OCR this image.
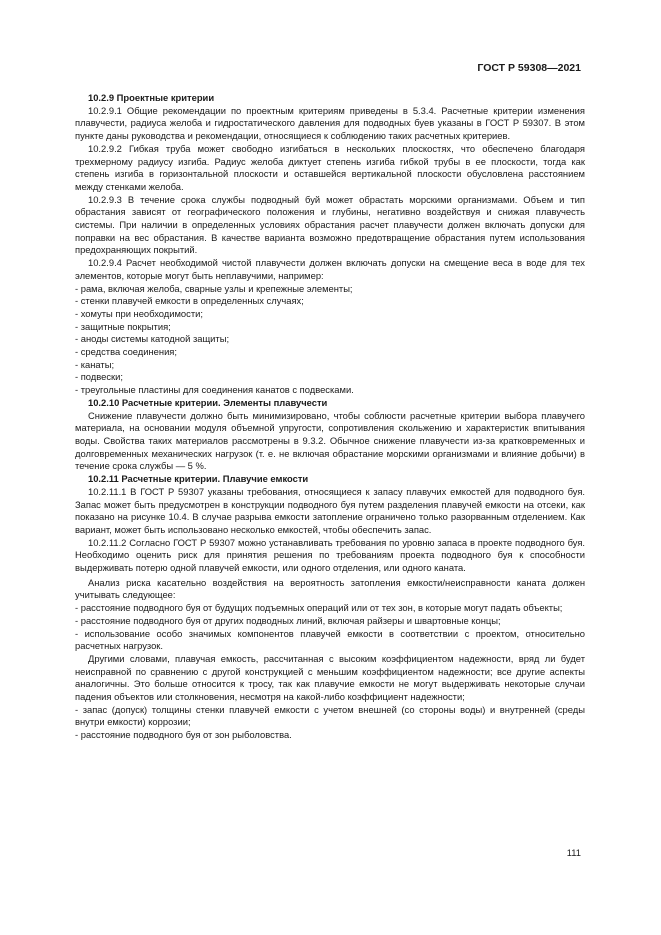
ГОСТ Р 59308—2021

10.2.9 Проектные критерии

10.2.9.1 Общие рекомендации по проектным критериям приведены в 5.3.4. Расчетные критерии изменения плавучести, радиуса желоба и гидростатического давления для подводных буев указаны в ГОСТ Р 59307. В этом пункте даны руководства и рекомендации, относящиеся к соблюдению таких расчетных критериев.

10.2.9.2 Гибкая труба может свободно изгибаться в нескольких плоскостях, что обеспечено благодаря трехмерному радиусу изгиба. Радиус желоба диктует степень изгиба гибкой трубы в ее плоскости, тогда как степень изгиба в горизонтальной плоскости и оставшейся вертикальной плоскости обусловлена расстоянием между стенками желоба.

10.2.9.3 В течение срока службы подводный буй может обрастать морскими организмами. Объем и тип обрастания зависят от географического положения и глубины, негативно воздействуя и снижая плавучесть системы. При наличии в определенных условиях обрастания расчет плавучести должен включать допуски для поправки на вес обрастания. В качестве варианта возможно предотвращение обрастания путем использования предохраняющих покрытий.

10.2.9.4 Расчет необходимой чистой плавучести должен включать допуски на смещение веса в воде для тех элементов, которые могут быть неплавучими, например:

- рама, включая желоба, сварные узлы и крепежные элементы;

- стенки плавучей емкости в определенных случаях;

- хомуты при необходимости;

- защитные покрытия;

- аноды системы катодной защиты;

- средства соединения;

- канаты;

- подвески;

- треугольные пластины для соединения канатов с подвесками.

10.2.10 Расчетные критерии. Элементы плавучести

Снижение плавучести должно быть минимизировано, чтобы соблюсти расчетные критерии выбора плавучего материала, на основании модуля объемной упругости, сопротивления скольжению и характеристик впитывания воды. Свойства таких материалов рассмотрены в 9.3.2. Обычное снижение плавучести из-за кратковременных и долговременных механических нагрузок (т. е. не включая обрастание морскими организмами и влияние добычи) в течение срока службы — 5 %.

10.2.11 Расчетные критерии. Плавучие емкости

10.2.11.1 В ГОСТ Р 59307 указаны требования, относящиеся к запасу плавучих емкостей для подводного буя. Запас может быть предусмотрен в конструкции подводного буя путем разделения плавучей емкости на отсеки, как показано на рисунке 10.4. В случае разрыва емкости затопление ограничено только разорванным отделением. Как вариант, может быть использовано несколько емкостей, чтобы обеспечить запас.

10.2.11.2 Согласно ГОСТ Р 59307 можно устанавливать требования по уровню запаса в проекте подводного буя. Необходимо оценить риск для принятия решения по требованиям проекта подводного буя к способности выдерживать потерю одной плавучей емкости, или одного отделения, или одного каната.

Анализ риска касательно воздействия на вероятность затопления емкости/неисправности каната должен учитывать следующее:

- расстояние подводного буя от будущих подъемных операций или от тех зон, в которые могут падать объекты;

- расстояние подводного буя от других подводных линий, включая райзеры и швартовные концы;

- использование особо значимых компонентов плавучей емкости в соответствии с проектом, относительно расчетных нагрузок.

Другими словами, плавучая емкость, рассчитанная с высоким коэффициентом надежности, вряд ли будет неисправной по сравнению с другой конструкцией с меньшим коэффициентом надежности; все другие аспекты аналогичны. Это больше относится к тросу, так как плавучие емкости не могут выдерживать некоторые случаи падения объектов или столкновения, несмотря на какой-либо коэффициент надежности;

- запас (допуск) толщины стенки плавучей емкости с учетом внешней (со стороны воды) и внутренней (среды внутри емкости) коррозии;

- расстояние подводного буя от зон рыболовства.

111
